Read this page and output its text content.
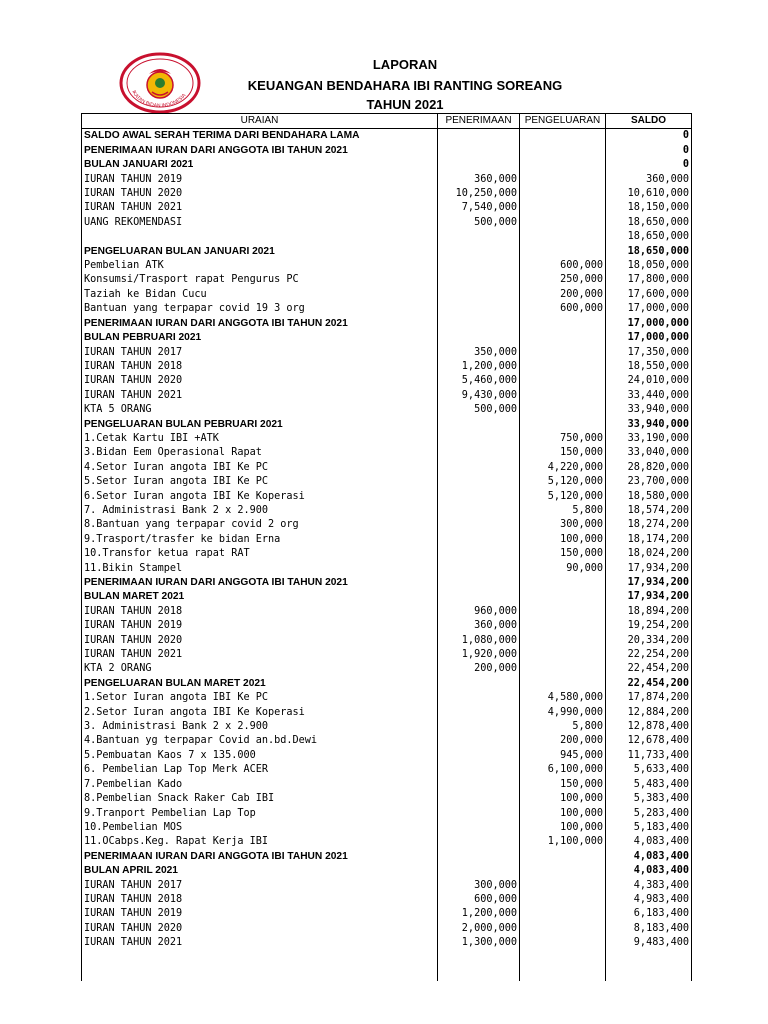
IKATAN BIDAN INDONESIA
LAPORAN
KEUANGAN BENDAHARA IBI RANTING SOREANG
TAHUN 2021
URAIAN	PENERIMAAN	PENGELUARAN	SALDO
SALDO AWAL SERAH TERIMA DARI BENDAHARA LAMA			0
PENERIMAAN IURAN DARI ANGGOTA IBI TAHUN 2021			0
BULAN JANUARI 2021			0
IURAN TAHUN 2019	360,000		360,000
IURAN TAHUN 2020	10,250,000		10,610,000
IURAN TAHUN 2021	7,540,000		18,150,000
UANG REKOMENDASI	500,000		18,650,000
			18,650,000
PENGELUARAN BULAN JANUARI 2021			18,650,000
Pembelian ATK		600,000	18,050,000
Konsumsi/Trasport rapat Pengurus PC		250,000	17,800,000
Taziah ke Bidan Cucu		200,000	17,600,000
Bantuan yang terpapar covid 19 3 org		600,000	17,000,000
PENERIMAAN IURAN DARI ANGGOTA IBI TAHUN 2021			17,000,000
BULAN PEBRUARI 2021			17,000,000
IURAN TAHUN 2017	350,000		17,350,000
IURAN TAHUN 2018	1,200,000		18,550,000
IURAN TAHUN 2020	5,460,000		24,010,000
IURAN TAHUN 2021	9,430,000		33,440,000
KTA 5 ORANG	500,000		33,940,000
PENGELUARAN BULAN PEBRUARI 2021			33,940,000
1.Cetak Kartu IBI +ATK		750,000	33,190,000
3.Bidan Eem Operasional Rapat		150,000	33,040,000
4.Setor Iuran angota IBI Ke PC		4,220,000	28,820,000
5.Setor Iuran angota IBI Ke PC		5,120,000	23,700,000
6.Setor Iuran angota IBI Ke Koperasi		5,120,000	18,580,000
7. Administrasi Bank 2 x 2.900		5,800	18,574,200
8.Bantuan yang terpapar covid 2 org		300,000	18,274,200
9.Trasport/trasfer ke bidan Erna		100,000	18,174,200
10.Transfor ketua rapat RAT		150,000	18,024,200
11.Bikin Stampel		90,000	17,934,200
PENERIMAAN IURAN DARI ANGGOTA IBI TAHUN 2021			17,934,200
BULAN MARET 2021			17,934,200
IURAN TAHUN 2018	960,000		18,894,200
IURAN TAHUN 2019	360,000		19,254,200
IURAN TAHUN 2020	1,080,000		20,334,200
IURAN TAHUN 2021	1,920,000		22,254,200
KTA 2 ORANG	200,000		22,454,200
PENGELUARAN BULAN MARET 2021			22,454,200
1.Setor Iuran angota IBI Ke PC		4,580,000	17,874,200
2.Setor Iuran angota IBI Ke Koperasi		4,990,000	12,884,200
3. Administrasi Bank 2 x 2.900		5,800	12,878,400
4.Bantuan yg terpapar Covid an.bd.Dewi		200,000	12,678,400
5.Pembuatan Kaos 7 x 135.000		945,000	11,733,400
6. Pembelian Lap Top Merk ACER		6,100,000	5,633,400
7.Pembelian Kado		150,000	5,483,400
8.Pembelian Snack Raker Cab IBI		100,000	5,383,400
9.Tranport Pembelian Lap Top		100,000	5,283,400
10.Pembelian MOS		100,000	5,183,400
11.OCabps.Keg. Rapat Kerja IBI		1,100,000	4,083,400
PENERIMAAN IURAN DARI ANGGOTA IBI TAHUN 2021			4,083,400
BULAN APRIL 2021			4,083,400
IURAN TAHUN 2017	300,000		4,383,400
IURAN TAHUN 2018	600,000		4,983,400
IURAN TAHUN 2019	1,200,000		6,183,400
IURAN TAHUN 2020	2,000,000		8,183,400
IURAN TAHUN 2021	1,300,000		9,483,400
